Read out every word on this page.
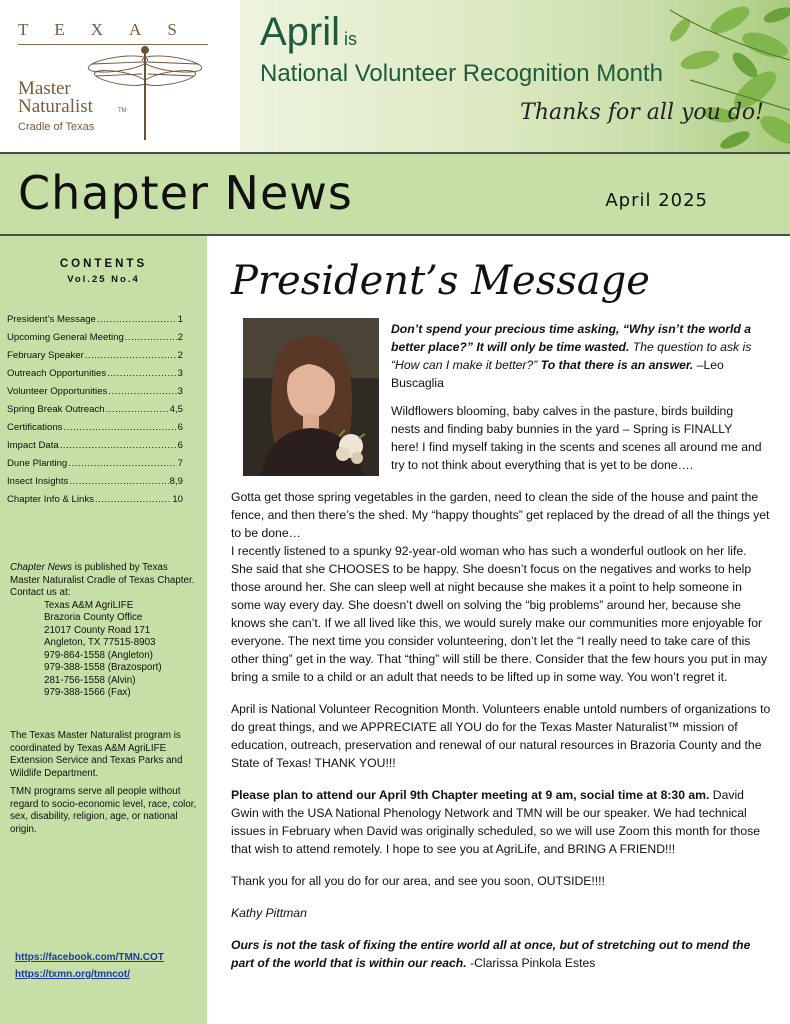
TEXAS
Master
Naturalist	TM
Cradle of Texas
April is
National Volunteer Recognition Month
Thanks for all you do!
Chapter News	April 2025
CONTENTS
Vol.25 No.4
President’s Message .....	1
Upcoming General Meeting .....	2
February Speaker .....	2
Outreach Opportunities .....	3
Volunteer Opportunities .....	3
Spring Break Outreach .....	4,5
Certifications .....	6
Impact Data .....	6
Dune Planting .....	7
Insect Insights .....	8,9
Chapter Info & Links .....	10
Chapter News is published by Texas Master Naturalist Cradle of Texas Chapter. Contact us at:
Texas A&M AgriLIFE
Brazoria County Office
21017 County Road 171
Angleton, TX 77515-8903
979-864-1558 (Angleton)
979-388-1558 (Brazosport)
281-756-1558 (Alvin)
979-388-1566 (Fax)

The Texas Master Naturalist program is coordinated by Texas A&M AgriLIFE Extension Service and Texas Parks and Wildlife Department.

TMN programs serve all people without regard to socio-economic level, race, color, sex, disability, religion, age, or national origin.

https://facebook.com/TMN.COT
https://txmn.org/tmncot/
President’s Message
Don’t spend your precious time asking, “Why isn’t the world a better place?” It will only be time wasted. The question to ask is “How can I make it better?” To that there is an answer. –Leo Buscaglia
Wildflowers blooming, baby calves in the pasture, birds building nests and finding baby bunnies in the yard – Spring is FINALLY here! I find myself taking in the scents and scenes all around me and try to not think about everything that is yet to be done….

Gotta get those spring vegetables in the garden, need to clean the side of the house and paint the fence, and then there’s the shed. My “happy thoughts” get replaced by the dread of all the things yet to be done…

I recently listened to a spunky 92-year-old woman who has such a wonderful outlook on her life. She said that she CHOOSES to be happy. She doesn’t focus on the negatives and works to help those around her. She can sleep well at night because she makes it a point to help someone in some way every day. She doesn’t dwell on solving the “big problems” around her, because she knows she can’t. If we all lived like this, we would surely make our communities more enjoyable for everyone. The next time you consider volunteering, don’t let the “I really need to take care of this other thing” get in the way. That “thing” will still be there. Consider that the few hours you put in may bring a smile to a child or an adult that needs to be lifted up in some way. You won’t regret it.

April is National Volunteer Recognition Month. Volunteers enable untold numbers of organizations to do great things, and we APPRECIATE all YOU do for the Texas Master Naturalist™ mission of education, outreach, preservation and renewal of our natural resources in Brazoria County and the State of Texas! THANK YOU!!!

Please plan to attend our April 9th Chapter meeting at 9 am, social time at 8:30 am. David Gwin with the USA National Phenology Network and TMN will be our speaker. We had technical issues in February when David was originally scheduled, so we will use Zoom this month for those that wish to attend remotely. I hope to see you at AgriLife, and BRING A FRIEND!!!

Thank you for all you do for our area, and see you soon, OUTSIDE!!!!

Kathy Pittman

Ours is not the task of fixing the entire world all at once, but of stretching out to mend the part of the world that is within our reach. -Clarissa Pinkola Estes
